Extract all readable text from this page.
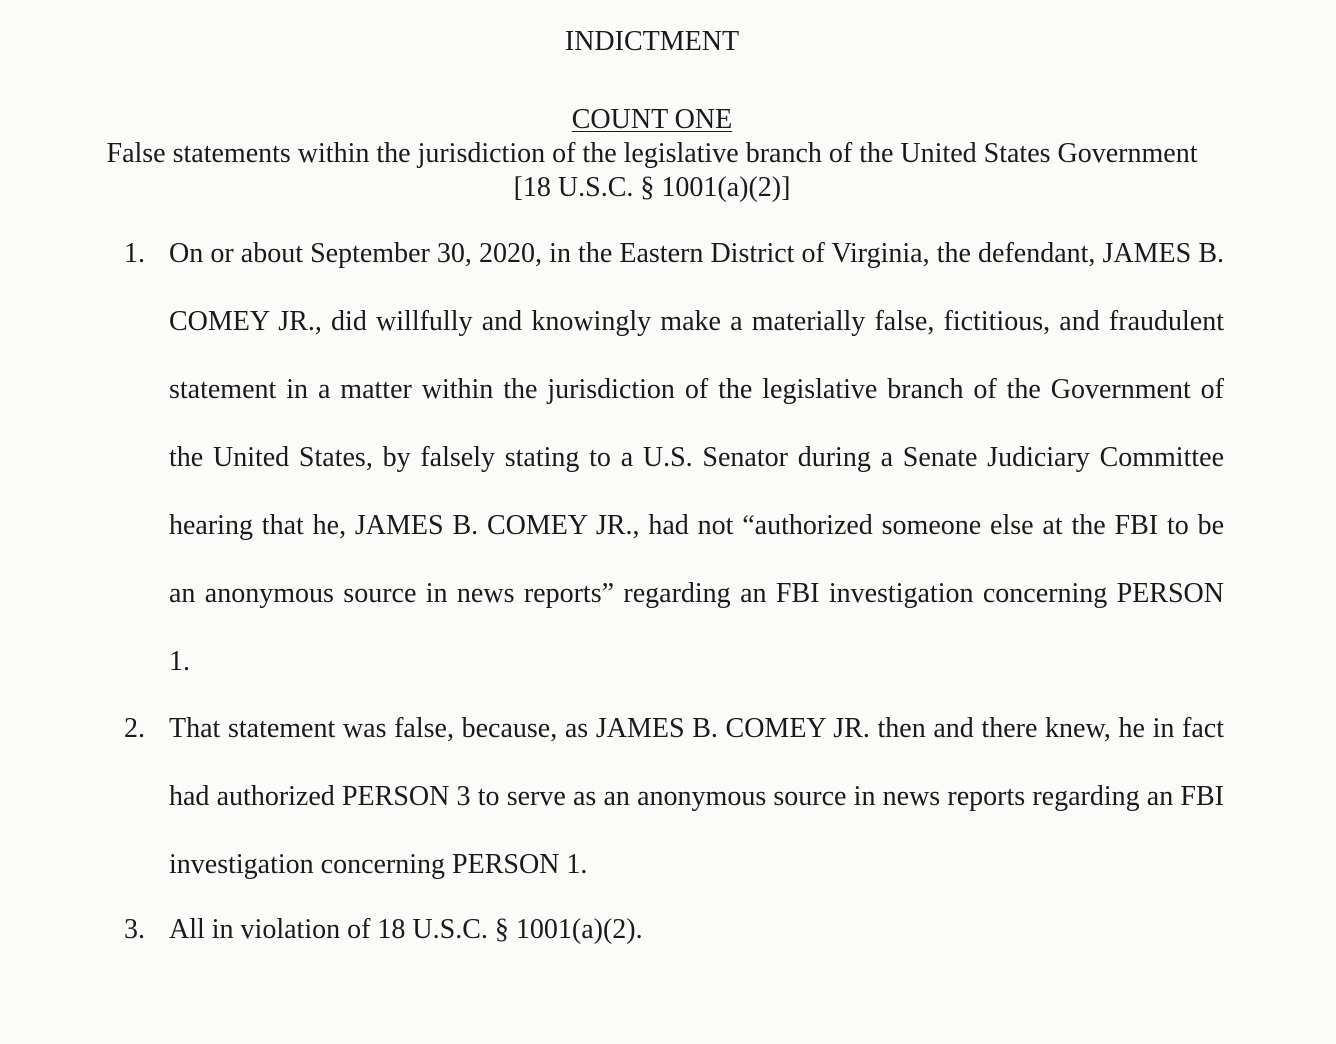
INDICTMENT
COUNT ONE
False statements within the jurisdiction of the legislative branch of the United States Government
[18 U.S.C. § 1001(a)(2)]
1. On or about September 30, 2020, in the Eastern District of Virginia, the defendant, JAMES B. COMEY JR., did willfully and knowingly make a materially false, fictitious, and fraudulent statement in a matter within the jurisdiction of the legislative branch of the Government of the United States, by falsely stating to a U.S. Senator during a Senate Judiciary Committee hearing that he, JAMES B. COMEY JR., had not “authorized someone else at the FBI to be an anonymous source in news reports” regarding an FBI investigation concerning PERSON 1.

2. That statement was false, because, as JAMES B. COMEY JR. then and there knew, he in fact had authorized PERSON 3 to serve as an anonymous source in news reports regarding an FBI investigation concerning PERSON 1.

3. All in violation of 18 U.S.C. § 1001(a)(2).
